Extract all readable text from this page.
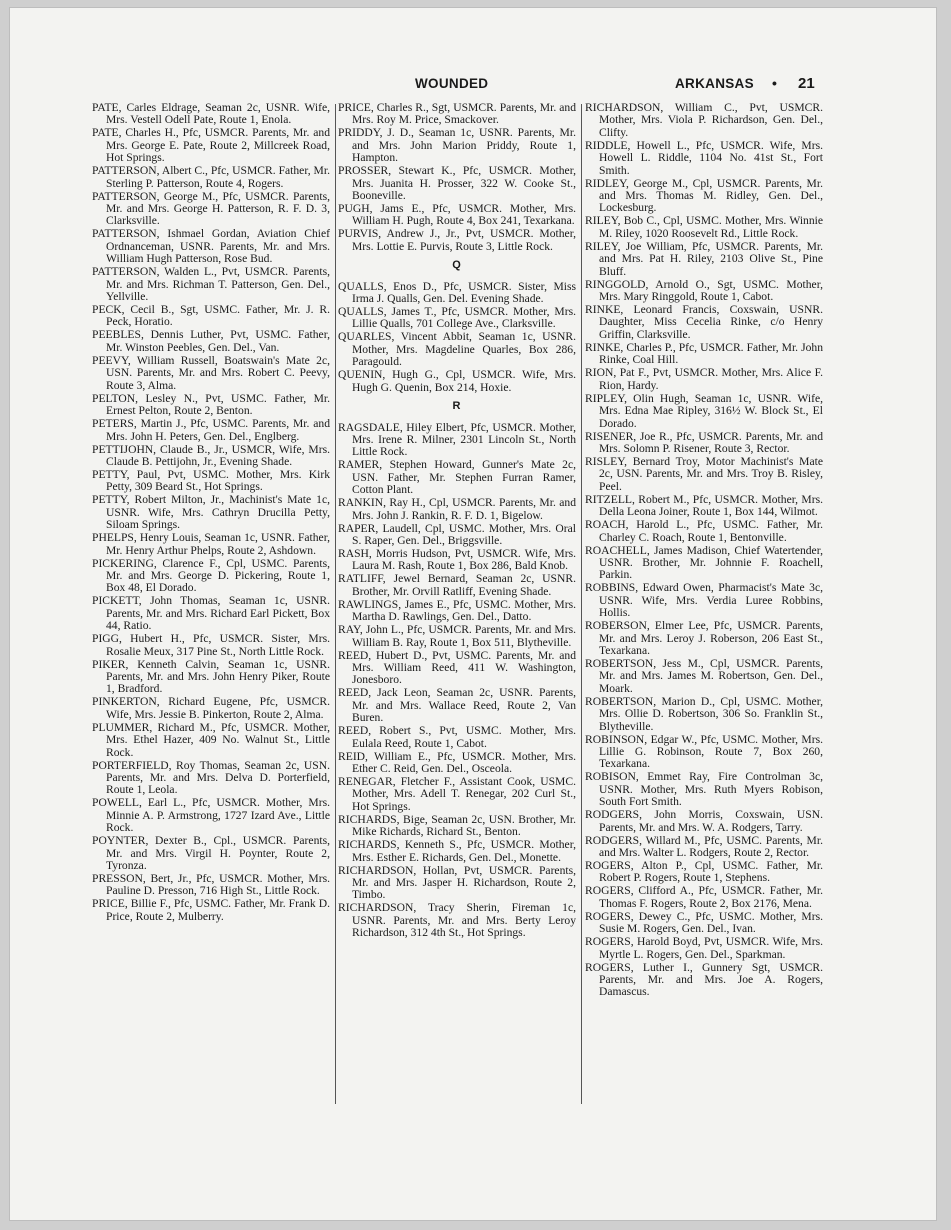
WOUNDED	ARKANSAS • 21
PATE, Carles Eldrage, Seaman 2c, USNR. Wife, Mrs. Vestell Odell Pate, Route 1, Enola.
PATE, Charles H., Pfc, USMCR. Parents, Mr. and Mrs. George E. Pate, Route 2, Millcreek Road, Hot Springs.
PATTERSON, Albert C., Pfc, USMCR. Father, Mr. Sterling P. Patterson, Route 4, Rogers.
PATTERSON, George M., Pfc, USMCR. Parents, Mr. and Mrs. George H. Patterson, R. F. D. 3, Clarksville.
PATTERSON, Ishmael Gordan, Aviation Chief Ordnanceman, USNR. Parents, Mr. and Mrs. William Hugh Patterson, Rose Bud.
PATTERSON, Walden L., Pvt, USMCR. Parents, Mr. and Mrs. Richman T. Patterson, Gen. Del., Yellville.
PECK, Cecil B., Sgt, USMC. Father, Mr. J. R. Peck, Horatio.
PEEBLES, Dennis Luther, Pvt, USMC. Father, Mr. Winston Peebles, Gen. Del., Van.
PEEVY, William Russell, Boatswain's Mate 2c, USN. Parents, Mr. and Mrs. Robert C. Peevy, Route 3, Alma.
PELTON, Lesley N., Pvt, USMC. Father, Mr. Ernest Pelton, Route 2, Benton.
PETERS, Martin J., Pfc, USMC. Parents, Mr. and Mrs. John H. Peters, Gen. Del., Englberg.
PETTIJOHN, Claude B., Jr., USMCR, Wife, Mrs. Claude B. Pettijohn, Jr., Evening Shade.
PETTY, Paul, Pvt, USMC. Mother, Mrs. Kirk Petty, 309 Beard St., Hot Springs.
PETTY, Robert Milton, Jr., Machinist's Mate 1c, USNR. Wife, Mrs. Cathryn Drucilla Petty, Siloam Springs.
PHELPS, Henry Louis, Seaman 1c, USNR. Father, Mr. Henry Arthur Phelps, Route 2, Ashdown.
PICKERING, Clarence F., Cpl, USMC. Parents, Mr. and Mrs. George D. Pickering, Route 1, Box 48, El Dorado.
PICKETT, John Thomas, Seaman 1c, USNR. Parents, Mr. and Mrs. Richard Earl Pickett, Box 44, Ratio.
PIGG, Hubert H., Pfc, USMCR. Sister, Mrs. Rosalie Meux, 317 Pine St., North Little Rock.
PIKER, Kenneth Calvin, Seaman 1c, USNR. Parents, Mr. and Mrs. John Henry Piker, Route 1, Bradford.
PINKERTON, Richard Eugene, Pfc, USMCR. Wife, Mrs. Jessie B. Pinkerton, Route 2, Alma.
PLUMMER, Richard M., Pfc, USMCR. Mother, Mrs. Ethel Hazer, 409 No. Walnut St., Little Rock.
PORTERFIELD, Roy Thomas, Seaman 2c, USN. Parents, Mr. and Mrs. Delva D. Porterfield, Route 1, Leola.
POWELL, Earl L., Pfc, USMCR. Mother, Mrs. Minnie A. P. Armstrong, 1727 Izard Ave., Little Rock.
POYNTER, Dexter B., Cpl., USMCR. Parents, Mr. and Mrs. Virgil H. Poynter, Route 2, Tyronza.
PRESSON, Bert, Jr., Pfc, USMCR. Mother, Mrs. Pauline D. Presson, 716 High St., Little Rock.
PRICE, Billie F., Pfc, USMC. Father, Mr. Frank D. Price, Route 2, Mulberry.
PRICE, Charles R., Sgt, USMCR. Parents, Mr. and Mrs. Roy M. Price, Smackover.
PRIDDY, J. D., Seaman 1c, USNR. Parents, Mr. and Mrs. John Marion Priddy, Route 1, Hampton.
PROSSER, Stewart K., Pfc, USMCR. Mother, Mrs. Juanita H. Prosser, 322 W. Cooke St., Booneville.
PUGH, Jams E., Pfc, USMCR. Mother, Mrs. William H. Pugh, Route 4, Box 241, Texarkana.
PURVIS, Andrew J., Jr., Pvt, USMCR. Mother, Mrs. Lottie E. Purvis, Route 3, Little Rock.
Q
QUALLS, Enos D., Pfc, USMCR. Sister, Miss Irma J. Qualls, Gen. Del. Evening Shade.
QUALLS, James T., Pfc, USMCR. Mother, Mrs. Lillie Qualls, 701 College Ave., Clarksville.
QUARLES, Vincent Abbit, Seaman 1c, USNR. Mother, Mrs. Magdeline Quarles, Box 286, Paragould.
QUENIN, Hugh G., Cpl, USMCR. Wife, Mrs. Hugh G. Quenin, Box 214, Hoxie.
R
RAGSDALE, Hiley Elbert, Pfc, USMCR. Mother, Mrs. Irene R. Milner, 2301 Lincoln St., North Little Rock.
RAMER, Stephen Howard, Gunner's Mate 2c, USN. Father, Mr. Stephen Furran Ramer, Cotton Plant.
RANKIN, Ray H., Cpl, USMCR. Parents, Mr. and Mrs. John J. Rankin, R. F. D. 1, Bigelow.
RAPER, Laudell, Cpl, USMC. Mother, Mrs. Oral S. Raper, Gen. Del., Briggsville.
RASH, Morris Hudson, Pvt, USMCR. Wife, Mrs. Laura M. Rash, Route 1, Box 286, Bald Knob.
RATLIFF, Jewel Bernard, Seaman 2c, USNR. Brother, Mr. Orvill Ratliff, Evening Shade.
RAWLINGS, James E., Pfc, USMC. Mother, Mrs. Martha D. Rawlings, Gen. Del., Datto.
RAY, John L., Pfc, USMCR. Parents, Mr. and Mrs. William B. Ray, Route 1, Box 511, Blytheville.
REED, Hubert D., Pvt, USMC. Parents, Mr. and Mrs. William Reed, 411 W. Washington, Jonesboro.
REED, Jack Leon, Seaman 2c, USNR. Parents, Mr. and Mrs. Wallace Reed, Route 2, Van Buren.
REED, Robert S., Pvt, USMC. Mother, Mrs. Eulala Reed, Route 1, Cabot.
REID, William E., Pfc, USMCR. Mother, Mrs. Ether C. Reid, Gen. Del., Osceola.
RENEGAR, Fletcher F., Assistant Cook, USMC. Mother, Mrs. Adell T. Renegar, 202 Curl St., Hot Springs.
RICHARDS, Bige, Seaman 2c, USN. Brother, Mr. Mike Richards, Richard St., Benton.
RICHARDS, Kenneth S., Pfc, USMCR. Mother, Mrs. Esther E. Richards, Gen. Del., Monette.
RICHARDSON, Hollan, Pvt, USMCR. Parents, Mr. and Mrs. Jasper H. Richardson, Route 2, Timbo.
RICHARDSON, Tracy Sherin, Fireman 1c, USNR. Parents, Mr. and Mrs. Berty Leroy Richardson, 312 4th St., Hot Springs.
RICHARDSON, William C., Pvt, USMCR. Mother, Mrs. Viola P. Richardson, Gen. Del., Clifty.
RIDDLE, Howell L., Pfc, USMCR. Wife, Mrs. Howell L. Riddle, 1104 No. 41st St., Fort Smith.
RIDLEY, George M., Cpl, USMCR. Parents, Mr. and Mrs. Thomas M. Ridley, Gen. Del., Lockesburg.
RILEY, Bob C., Cpl, USMC. Mother, Mrs. Winnie M. Riley, 1020 Roosevelt Rd., Little Rock.
RILEY, Joe William, Pfc, USMCR. Parents, Mr. and Mrs. Pat H. Riley, 2103 Olive St., Pine Bluff.
RINGGOLD, Arnold O., Sgt, USMC. Mother, Mrs. Mary Ringgold, Route 1, Cabot.
RINKE, Leonard Francis, Coxswain, USNR. Daughter, Miss Cecelia Rinke, c/o Henry Griffin, Clarksville.
RINKE, Charles P., Pfc, USMCR. Father, Mr. John Rinke, Coal Hill.
RION, Pat F., Pvt, USMCR. Mother, Mrs. Alice F. Rion, Hardy.
RIPLEY, Olin Hugh, Seaman 1c, USNR. Wife, Mrs. Edna Mae Ripley, 316½ W. Block St., El Dorado.
RISENER, Joe R., Pfc, USMCR. Parents, Mr. and Mrs. Solomn P. Risener, Route 3, Rector.
RISLEY, Bernard Troy, Motor Machinist's Mate 2c, USN. Parents, Mr. and Mrs. Troy B. Risley, Peel.
RITZELL, Robert M., Pfc, USMCR. Mother, Mrs. Della Leona Joiner, Route 1, Box 144, Wilmot.
ROACH, Harold L., Pfc, USMC. Father, Mr. Charley C. Roach, Route 1, Bentonville.
ROACHELL, James Madison, Chief Watertender, USNR. Brother, Mr. Johnnie F. Roachell, Parkin.
ROBBINS, Edward Owen, Pharmacist's Mate 3c, USNR. Wife, Mrs. Verdia Luree Robbins, Hollis.
ROBERSON, Elmer Lee, Pfc, USMCR. Parents, Mr. and Mrs. Leroy J. Roberson, 206 East St., Texarkana.
ROBERTSON, Jess M., Cpl, USMCR. Parents, Mr. and Mrs. James M. Robertson, Gen. Del., Moark.
ROBERTSON, Marion D., Cpl, USMC. Mother, Mrs. Ollie D. Robertson, 306 So. Franklin St., Blytheville.
ROBINSON, Edgar W., Pfc, USMC. Mother, Mrs. Lillie G. Robinson, Route 7, Box 260, Texarkana.
ROBISON, Emmet Ray, Fire Controlman 3c, USNR. Mother, Mrs. Ruth Myers Robison, South Fort Smith.
RODGERS, John Morris, Coxswain, USN. Parents, Mr. and Mrs. W. A. Rodgers, Tarry.
RODGERS, Willard M., Pfc, USMC. Parents, Mr. and Mrs. Walter L. Rodgers, Route 2, Rector.
ROGERS, Alton P., Cpl, USMC. Father, Mr. Robert P. Rogers, Route 1, Stephens.
ROGERS, Clifford A., Pfc, USMCR. Father, Mr. Thomas F. Rogers, Route 2, Box 2176, Mena.
ROGERS, Dewey C., Pfc, USMC. Mother, Mrs. Susie M. Rogers, Gen. Del., Ivan.
ROGERS, Harold Boyd, Pvt, USMCR. Wife, Mrs. Myrtle L. Rogers, Gen. Del., Sparkman.
ROGERS, Luther I., Gunnery Sgt, USMCR. Parents, Mr. and Mrs. Joe A. Rogers, Damascus.
